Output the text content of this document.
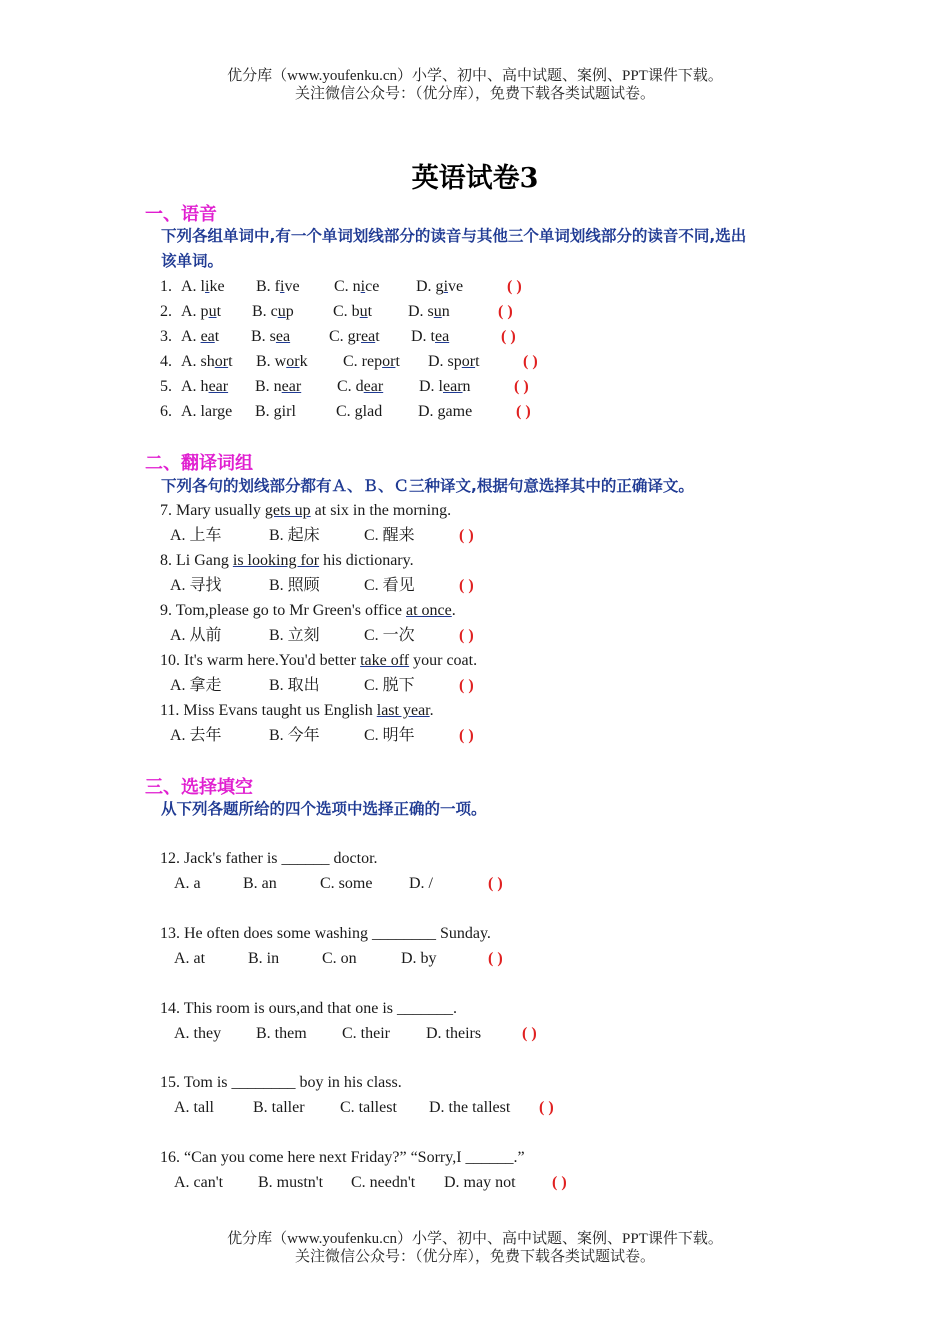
优分库（www.youfenku.cn）小学、初中、高中试题、案例、PPT课件下载。
关注微信公众号：（优分库），免费下载各类试题试卷。
英语试卷3
一、语音
下列各组单词中,有一个单词划线部分的读音与其他三个单词划线部分的读音不同,选出该单词。
1. A. like B. five C. nice D. give	( )
2. A. put B. cup C. but D. sun	( )
3. A. eat B. sea C. great D. tea	( )
4. A. short B. work C. report D. sport	( )
5. A. hear B. near C. dear D. learn	( )
6. A. large B. girl	C. glad D. game	( )
二、翻译词组
下列各句的划线部分都有Ａ、Ｂ、Ｃ三种译文,根据句意选择其中的正确译文。
7. Mary usually gets up at six in the morning.
A. 上车	B. 起床	C. 醒来	( )
8. Li Gang is looking for his dictionary.
A. 寻找	B. 照顾	C. 看见	( )
9. Tom,please go to Mr Green's office at once.
A. 从前	B. 立刻	C. 一次	( )
10. It's warm here.You'd better take off your coat.
A. 拿走	B. 取出	C. 脱下	( )
11. Miss Evans taught us English last year.
A. 去年	B. 今年	C. 明年	( )
三、选择填空
从下列各题所给的四个选项中选择正确的一项。
12. Jack's father is ______ doctor.
A. a	B. an	C. some D. /	( )
13. He often does some washing ________ Sunday.
A. at	B. in	C. on	D. by	( )
14. This room is ours,and that one is _______.
A. they B. them C. their D. theirs	( )
15. Tom is ________ boy in his class.
A. tall B. taller C. tallest D. the tallest ( )
16. “Can you come here next Friday?” “Sorry,I ______.”
A. can't B. mustn't C. needn't D. may not ( )
优分库（www.youfenku.cn）小学、初中、高中试题、案例、PPT课件下载。
关注微信公众号：（优分库），免费下载各类试题试卷。
